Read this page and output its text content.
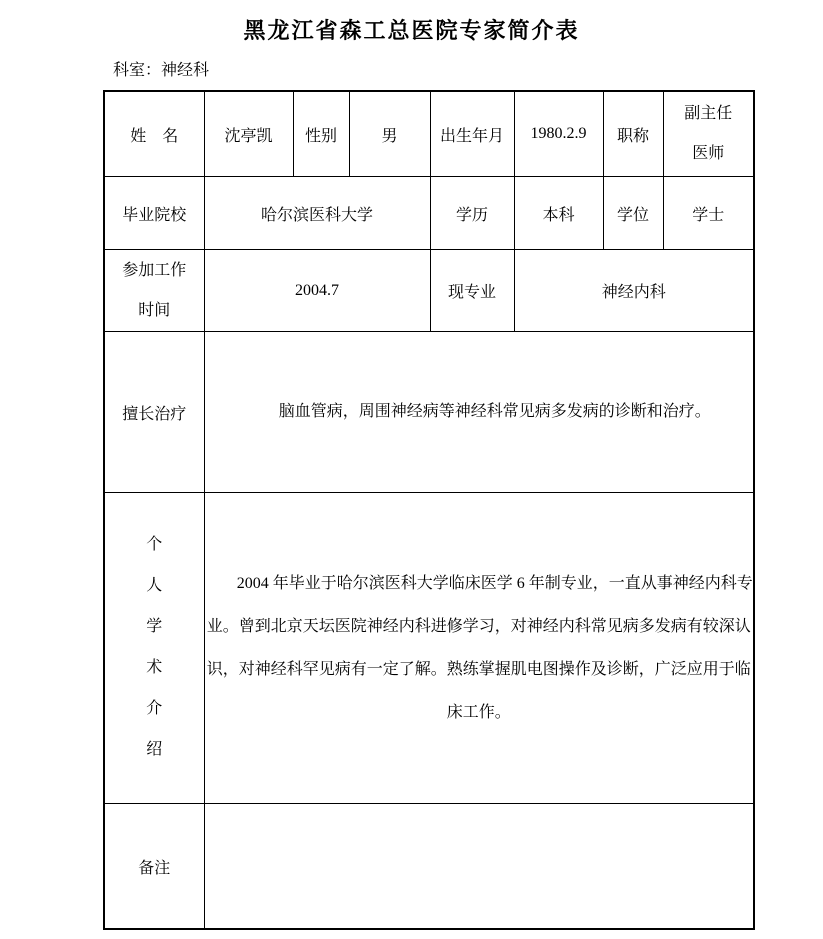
黑龙江省森工总医院专家简介表
科室：神经科
姓　名	沈亭凯	性别	男	出生年月	1980.2.9	职称	副主任医师

毕业院校	哈尔滨医科大学			学历	本科	学位	学士

参加工作时间	2004.7			现专业	神经内科		
擅长治疗	脑血管病，周围神经病等神经科常见病多发病的诊断和治疗。						

个人学术介绍	2004 年毕业于哈尔滨医科大学临床医学 6 年制专业，一直从事神经内科专业。曾到北京天坛医院神经内科进修学习，对神经内科常见病多发病有较深认识，对神经科罕见病有一定了解。熟练掌握肌电图操作及诊断，广泛应用于临床工作。						

备注							
